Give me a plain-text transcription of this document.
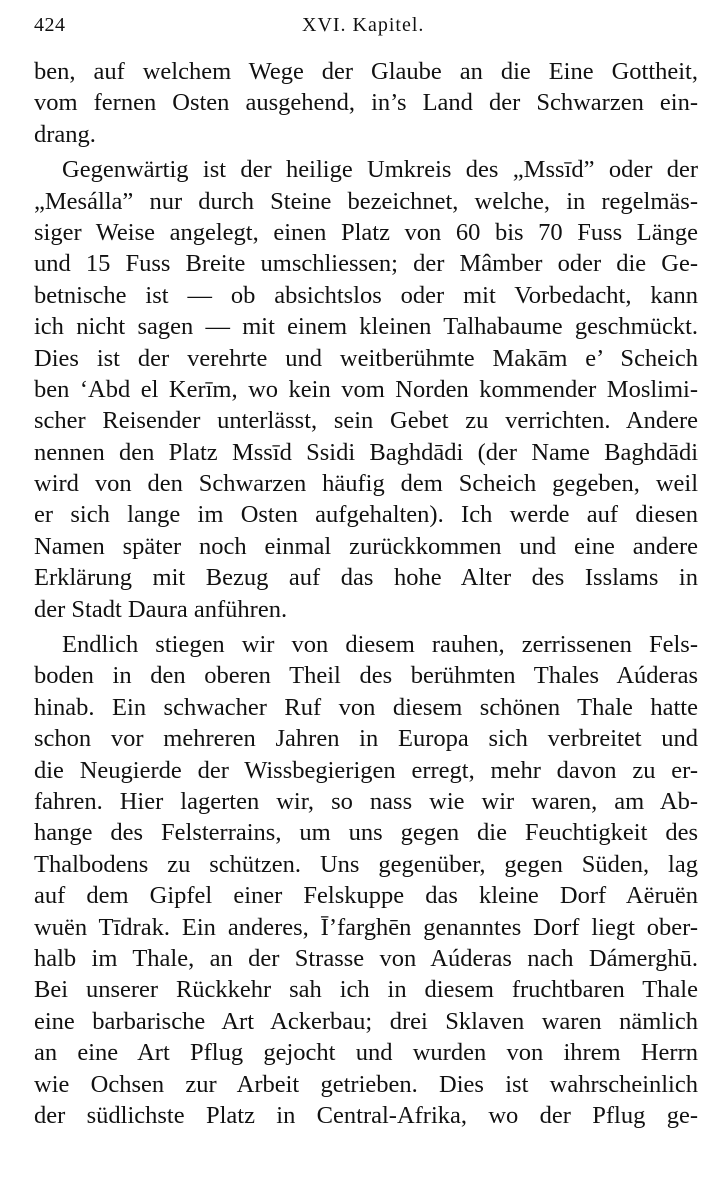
424	XVI. Kapitel.
ben, auf welchem Wege der Glaube an die Eine Gottheit,
vom fernen Osten ausgehend, in’s Land der Schwarzen ein-
drang.
Gegenwärtig ist der heilige Umkreis des „Mssīd” oder der
„Mesálla” nur durch Steine bezeichnet, welche, in regelmäs-
siger Weise angelegt, einen Platz von 60 bis 70 Fuss Länge
und 15 Fuss Breite umschliessen; der Mâmber oder die Ge-
betnische ist — ob absichtslos oder mit Vorbedacht, kann
ich nicht sagen — mit einem kleinen Talhabaume geschmückt.
Dies ist der verehrte und weitberühmte Makām e’ Scheich
ben ‘Abd el Kerīm, wo kein vom Norden kommender Moslimi-
scher Reisender unterlässt, sein Gebet zu verrichten. Andere
nennen den Platz Mssīd Ssidi Baghdādi (der Name Baghdādi
wird von den Schwarzen häufig dem Scheich gegeben, weil
er sich lange im Osten aufgehalten). Ich werde auf diesen
Namen später noch einmal zurückkommen und eine andere
Erklärung mit Bezug auf das hohe Alter des Isslams in
der Stadt Daura anführen.
Endlich stiegen wir von diesem rauhen, zerrissenen Fels-
boden in den oberen Theil des berühmten Thales Aúderas
hinab. Ein schwacher Ruf von diesem schönen Thale hatte
schon vor mehreren Jahren in Europa sich verbreitet und
die Neugierde der Wissbegierigen erregt, mehr davon zu er-
fahren. Hier lagerten wir, so nass wie wir waren, am Ab-
hange des Felsterrains, um uns gegen die Feuchtigkeit des
Thalbodens zu schützen. Uns gegenüber, gegen Süden, lag
auf dem Gipfel einer Felskuppe das kleine Dorf Aëruën
wuën Tīdrak. Ein anderes, Ī’farghēn genanntes Dorf liegt ober-
halb im Thale, an der Strasse von Aúderas nach Dámerghū.
Bei unserer Rückkehr sah ich in diesem fruchtbaren Thale
eine barbarische Art Ackerbau; drei Sklaven waren nämlich
an eine Art Pflug gejocht und wurden von ihrem Herrn
wie Ochsen zur Arbeit getrieben. Dies ist wahrscheinlich
der südlichste Platz in Central-Afrika, wo der Pflug ge-
